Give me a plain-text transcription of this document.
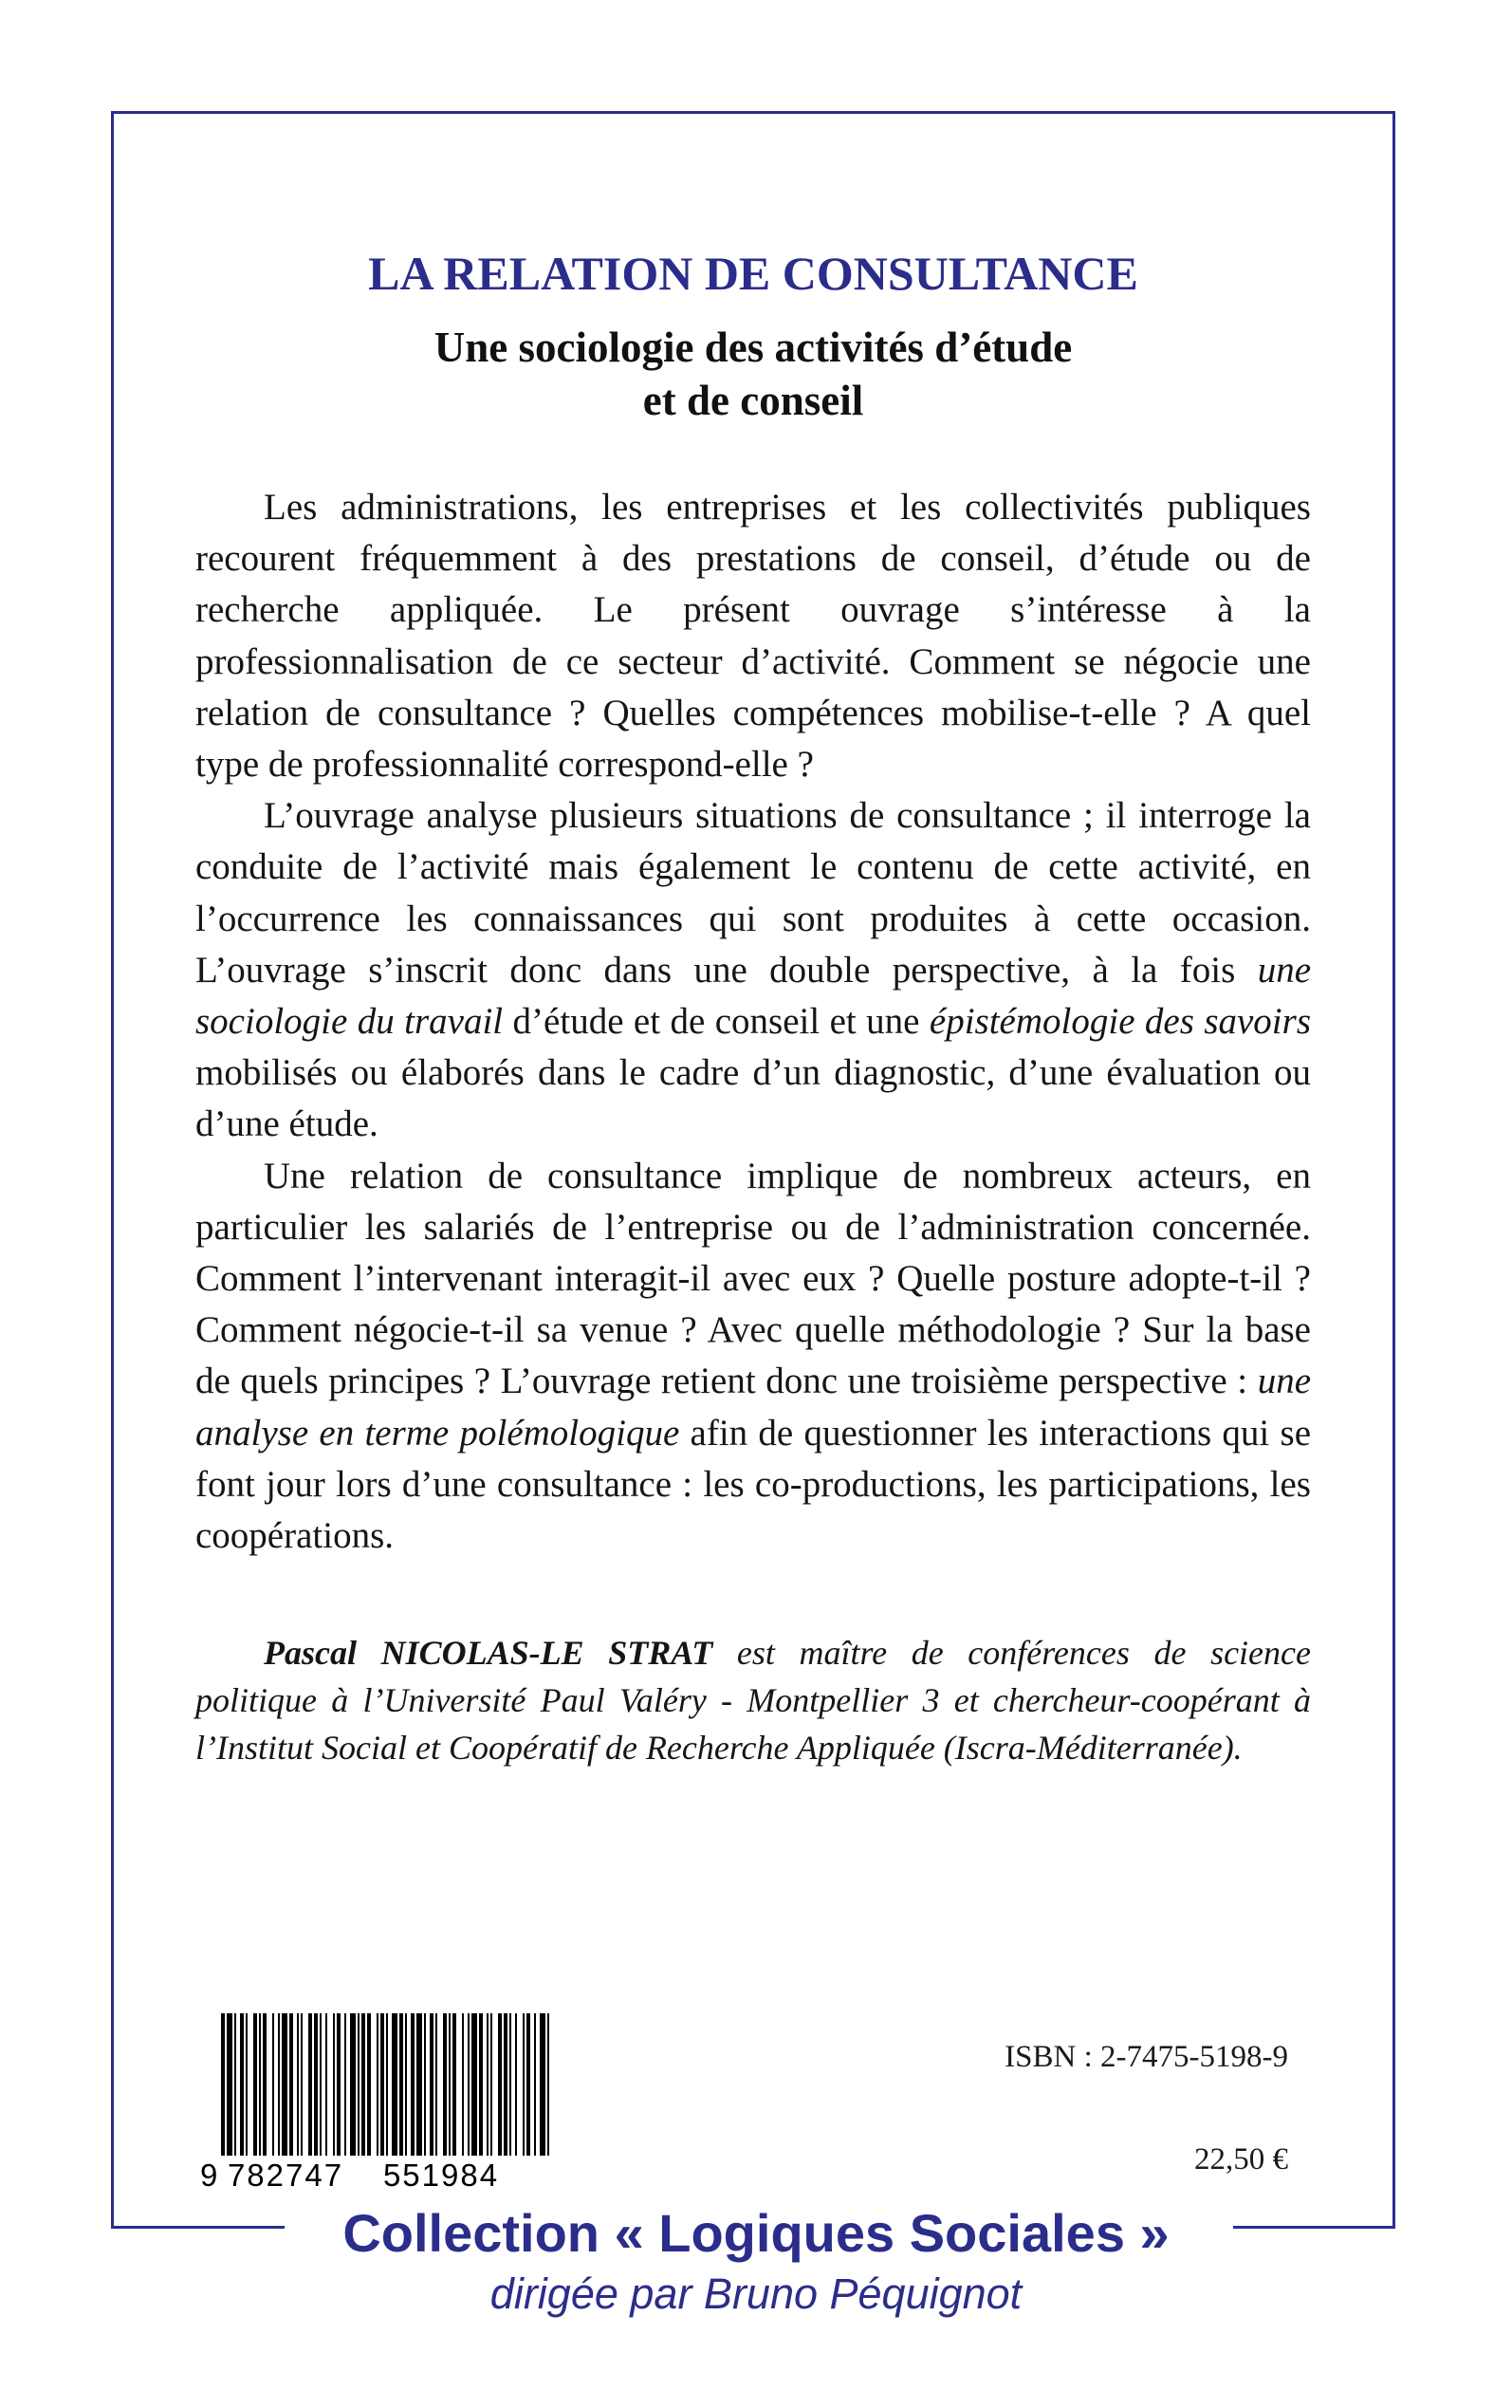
LA RELATION DE CONSULTANCE
Une sociologie des activités d’étude
et de conseil

Les administrations, les entreprises et les collectivités publiques recourent fréquemment à des prestations de conseil, d’étude ou de recherche appliquée. Le présent ouvrage s’intéresse à la professionnalisation de ce secteur d’activité. Comment se négocie une relation de consultance ? Quelles compétences mobilise-t-elle ? A quel type de professionnalité correspond-elle ?

L’ouvrage analyse plusieurs situations de consultance ; il interroge la conduite de l’activité mais également le contenu de cette activité, en l’occurrence les connaissances qui sont produites à cette occasion. L’ouvrage s’inscrit donc dans une double perspective, à la fois une sociologie du travail d’étude et de conseil et une épistémologie des savoirs mobilisés ou élaborés dans le cadre d’un diagnostic, d’une évaluation ou d’une étude.

Une relation de consultance implique de nombreux acteurs, en particulier les salariés de l’entreprise ou de l’administration concernée. Comment l’intervenant interagit-il avec eux ? Quelle posture adopte-t-il ? Comment négocie-t-il sa venue ? Avec quelle méthodologie ? Sur la base de quels principes ? L’ouvrage retient donc une troisième perspective : une analyse en terme polémologique afin de questionner les interactions qui se font jour lors d’une consultance : les co-productions, les participations, les coopérations.

Pascal NICOLAS-LE STRAT est maître de conférences de science politique à l’Université Paul Valéry - Montpellier 3 et chercheur-coopérant à l’Institut Social et Coopératif de Recherche Appliquée (Iscra-Méditerranée).
9 782747 551984
ISBN : 2-7475-5198-9
22,50 €
Collection « Logiques Sociales »
dirigée par Bruno Péquignot
